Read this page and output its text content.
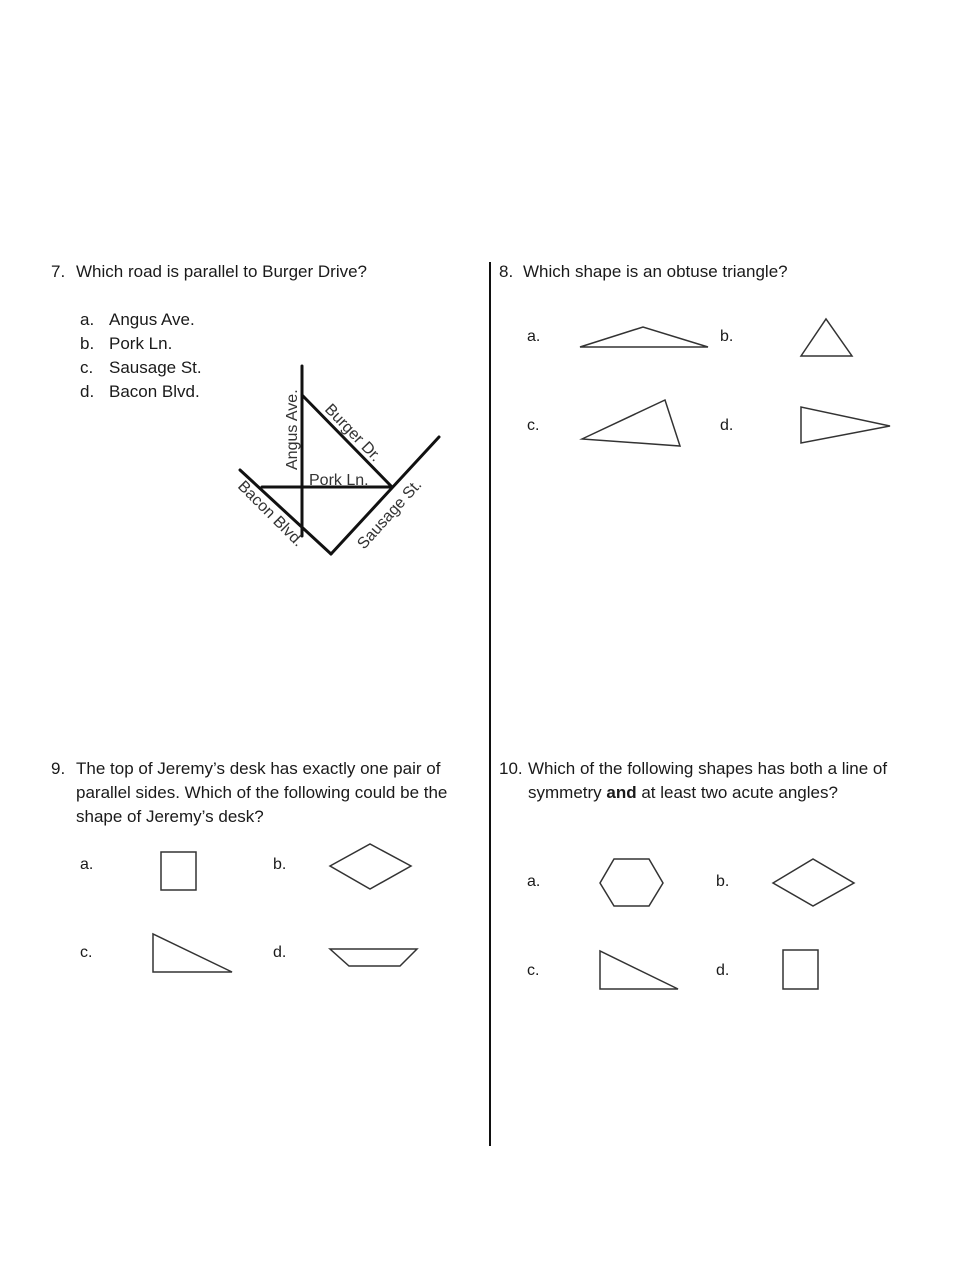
7. Which road is parallel to Burger Drive?
a. Angus Ave.
b. Pork Ln.
c. Sausage St.
d. Bacon Blvd.	Angus Ave. Burger Dr.
Pork Ln.
Bacon Blvd.	Sausage St.
8. Which shape is an obtuse triangle?
a.	b.
c.	d.
9. The top of Jeremy’s desk has exactly one pair of
parallel sides. Which of the following could be the
shape of Jeremy’s desk?
a.	b.
c.	d.
10. Which of the following shapes has both a line of
symmetry and at least two acute angles?
a.	b.
c.	d.
